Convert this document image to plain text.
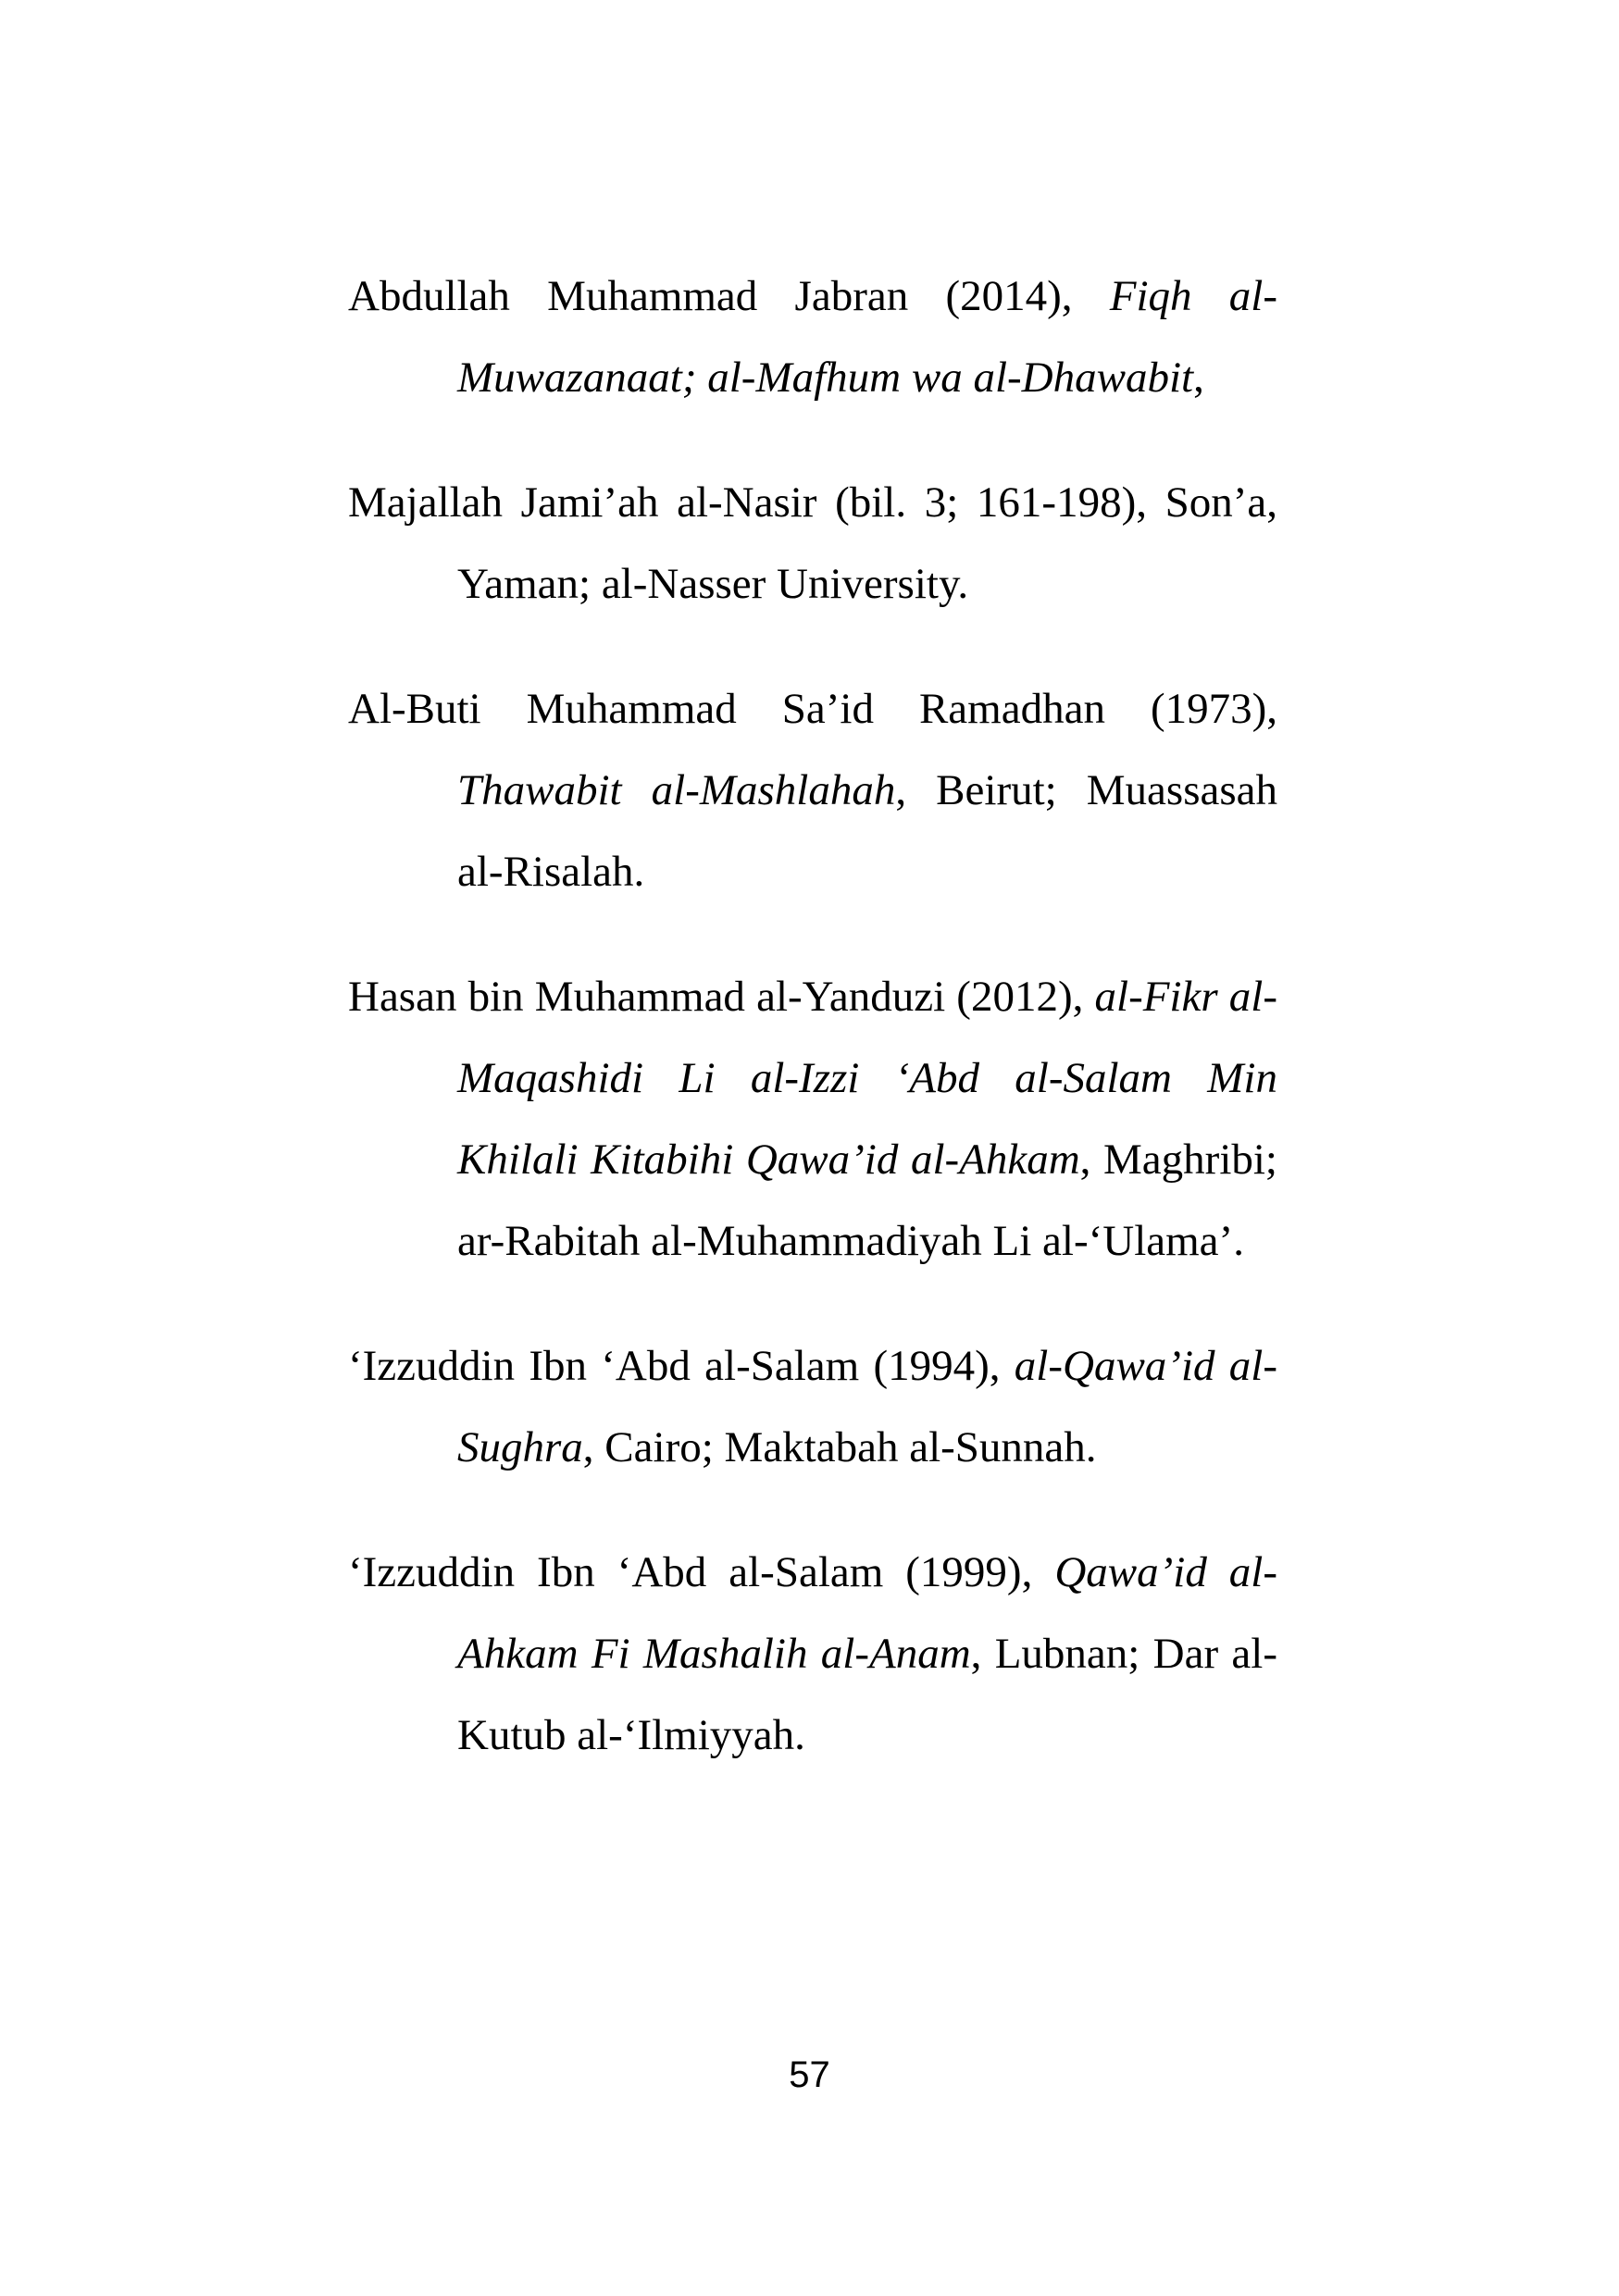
Abdullah Muhammad Jabran (2014), Fiqh al-Muwazanaat; al-Mafhum wa al-Dhawabit,

Majallah Jami’ah al-Nasir (bil. 3; 161-198), Son’a, Yaman; al-Nasser University.

Al-Buti Muhammad Sa’id Ramadhan (1973), Thawabit al-Mashlahah, Beirut; Muassasah al-Risalah.

Hasan bin Muhammad al-Yanduzi (2012), al-Fikr al-Maqashidi Li al-Izzi ‘Abd al-Salam Min Khilali Kitabihi Qawa’id al-Ahkam, Maghribi; ar-Rabitah al-Muhammadiyah Li al-‘Ulama’.

‘Izzuddin Ibn ‘Abd al-Salam (1994), al-Qawa’id al-Sughra, Cairo; Maktabah al-Sunnah.

‘Izzuddin Ibn ‘Abd al-Salam (1999), Qawa’id al-Ahkam Fi Mashalih al-Anam, Lubnan; Dar al-Kutub al-‘Ilmiyyah.

57
